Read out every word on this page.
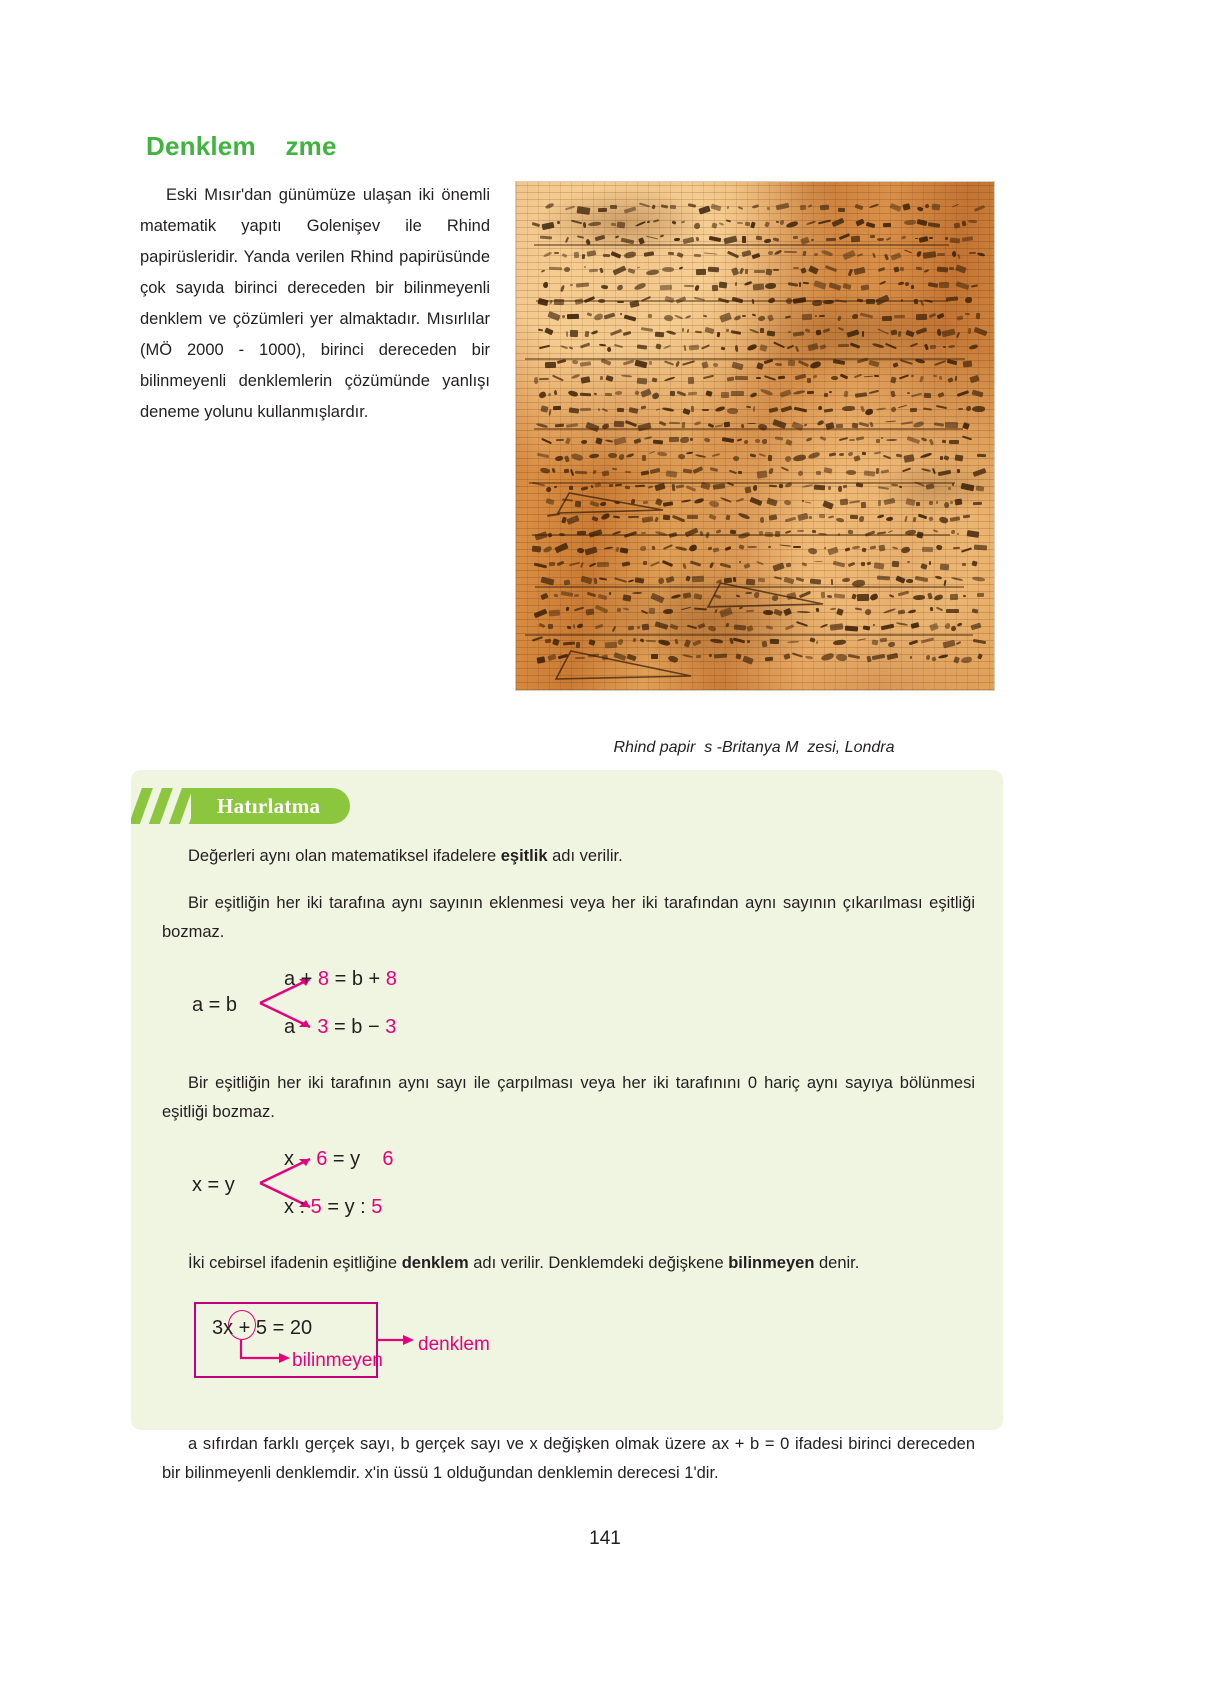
Denklem    zme
Eski Mısır'dan günümüze ulaşan iki önemli matematik yapıtı Golenişev ile Rhind papirüsleridir. Yanda verilen Rhind papirüsünde çok sayıda birinci dereceden bir bilinmeyenli denklem ve çözümleri yer almaktadır. Mısırlılar (MÖ 2000 - 1000), birinci dereceden bir bilinmeyenli denklemlerin çözümünde yanlışı deneme yolunu kullanmışlardır.
Rhind papir  s -Britanya M  zesi, Londra
Hatırlatma

Değerleri aynı olan matematiksel ifadelere eşitlik adı verilir.

Bir eşitliğin her iki tarafına aynı sayının eklenmesi veya her iki tarafından aynı sayının çıkarılması eşitliği bozmaz.

a = b
a + 8 = b + 8
a    3 = b − 3

Bir eşitliğin her iki tarafının aynı sayı ile çarpılması veya her iki tarafınını 0 hariç aynı sayıya bölünmesi eşitliği bozmaz.

x = y
x    6 = y    6
x : 5 = y : 5

İki cebirsel ifadenin eşitliğine denklem adı verilir. Denklemdeki değişkene bilinmeyen denir.

3x + 5 = 20
bilinmeyen
denklem

a sıfırdan farklı gerçek sayı, b gerçek sayı ve x değişken olmak üzere ax + b = 0 ifadesi birinci dereceden bir bilinmeyenli denklemdir. x'in üssü 1 olduğundan denklemin derecesi 1'dir.

141
